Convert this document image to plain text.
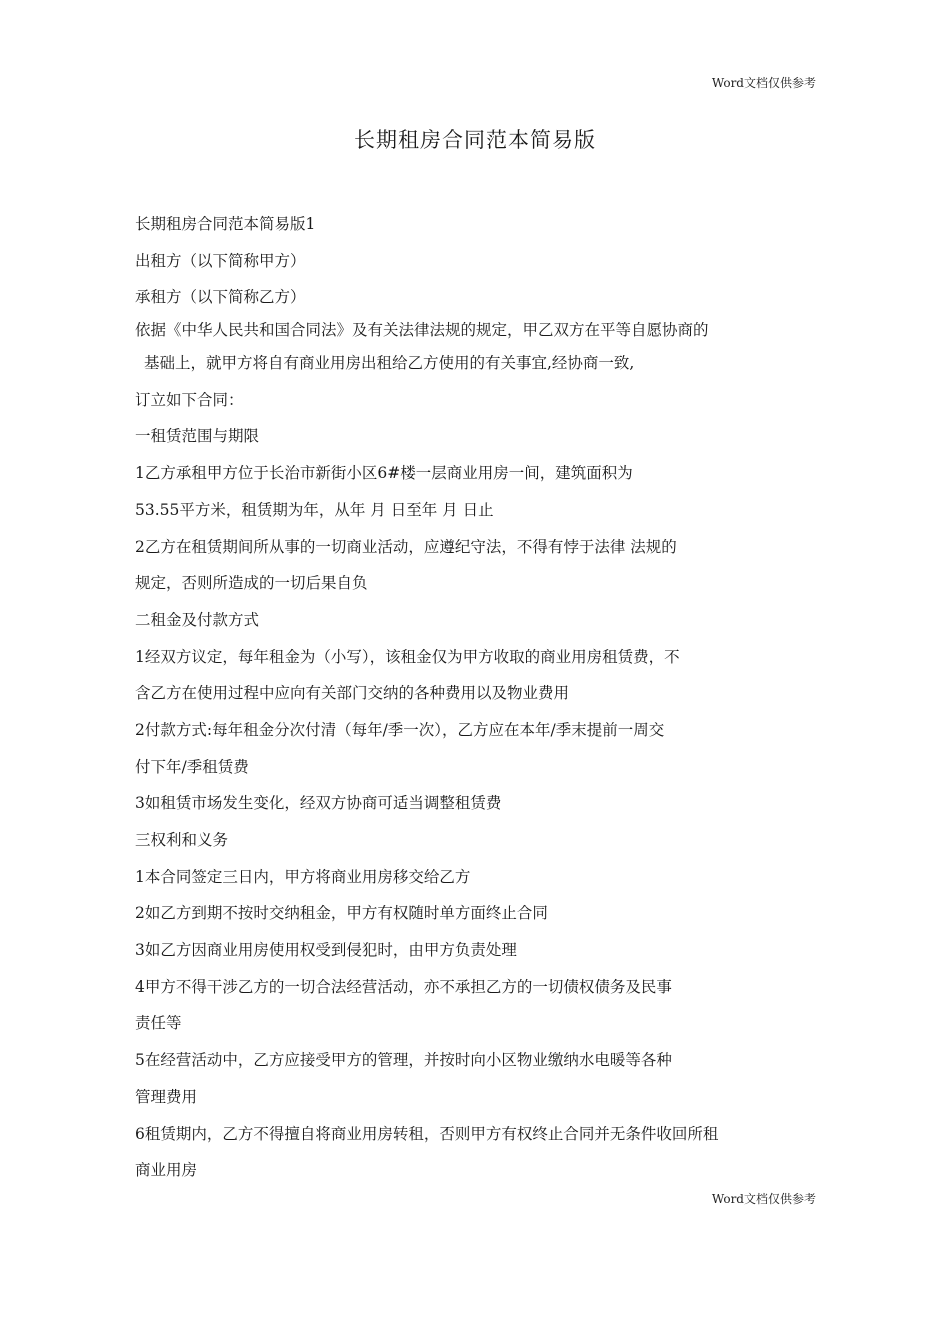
Word文档仅供参考
长期租房合同范本简易版
长期租房合同范本简易版1
出租方（以下简称甲方）
承租方（以下简称乙方）
依据《中华人民共和国合同法》及有关法律法规的规定，甲乙双方在平等自愿协商的
基础上，就甲方将自有商业用房出租给乙方使用的有关事宜,经协商一致,
订立如下合同：
一租赁范围与期限
1乙方承租甲方位于长治市新街小区6#楼一层商业用房一间，建筑面积为
53.55平方米，租赁期为年，从年 月 日至年 月 日止
2乙方在租赁期间所从事的一切商业活动，应遵纪守法，不得有悖于法律 法规的
规定，否则所造成的一切后果自负
二租金及付款方式
1经双方议定，每年租金为（小写），该租金仅为甲方收取的商业用房租赁费，不
含乙方在使用过程中应向有关部门交纳的各种费用以及物业费用
2付款方式:每年租金分次付清（每年/季一次），乙方应在本年/季末提前一周交
付下年/季租赁费
3如租赁市场发生变化，经双方协商可适当调整租赁费
三权利和义务
1本合同签定三日内，甲方将商业用房移交给乙方
2如乙方到期不按时交纳租金，甲方有权随时单方面终止合同
3如乙方因商业用房使用权受到侵犯时，由甲方负责处理
4甲方不得干涉乙方的一切合法经营活动，亦不承担乙方的一切债权债务及民事
责任等
5在经营活动中，乙方应接受甲方的管理，并按时向小区物业缴纳水电暖等各种
管理费用
6租赁期内，乙方不得擅自将商业用房转租，否则甲方有权终止合同并无条件收回所租
商业用房
Word文档仅供参考
